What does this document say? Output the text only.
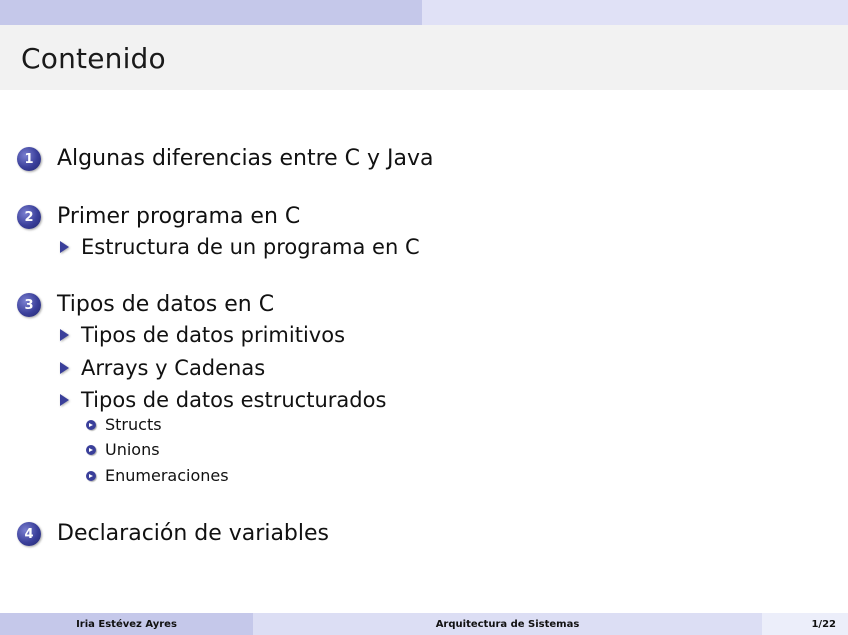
Contenido
1	Algunas diferencias entre C y Java
2	Primer programa en C
Estructura de un programa en C
3	Tipos de datos en C
Tipos de datos primitivos
Arrays y Cadenas
Tipos de datos estructurados
Structs
Unions
Enumeraciones
4	Declaración de variables
Iria Estévez Ayres	Arquitectura de Sistemas	1/22
